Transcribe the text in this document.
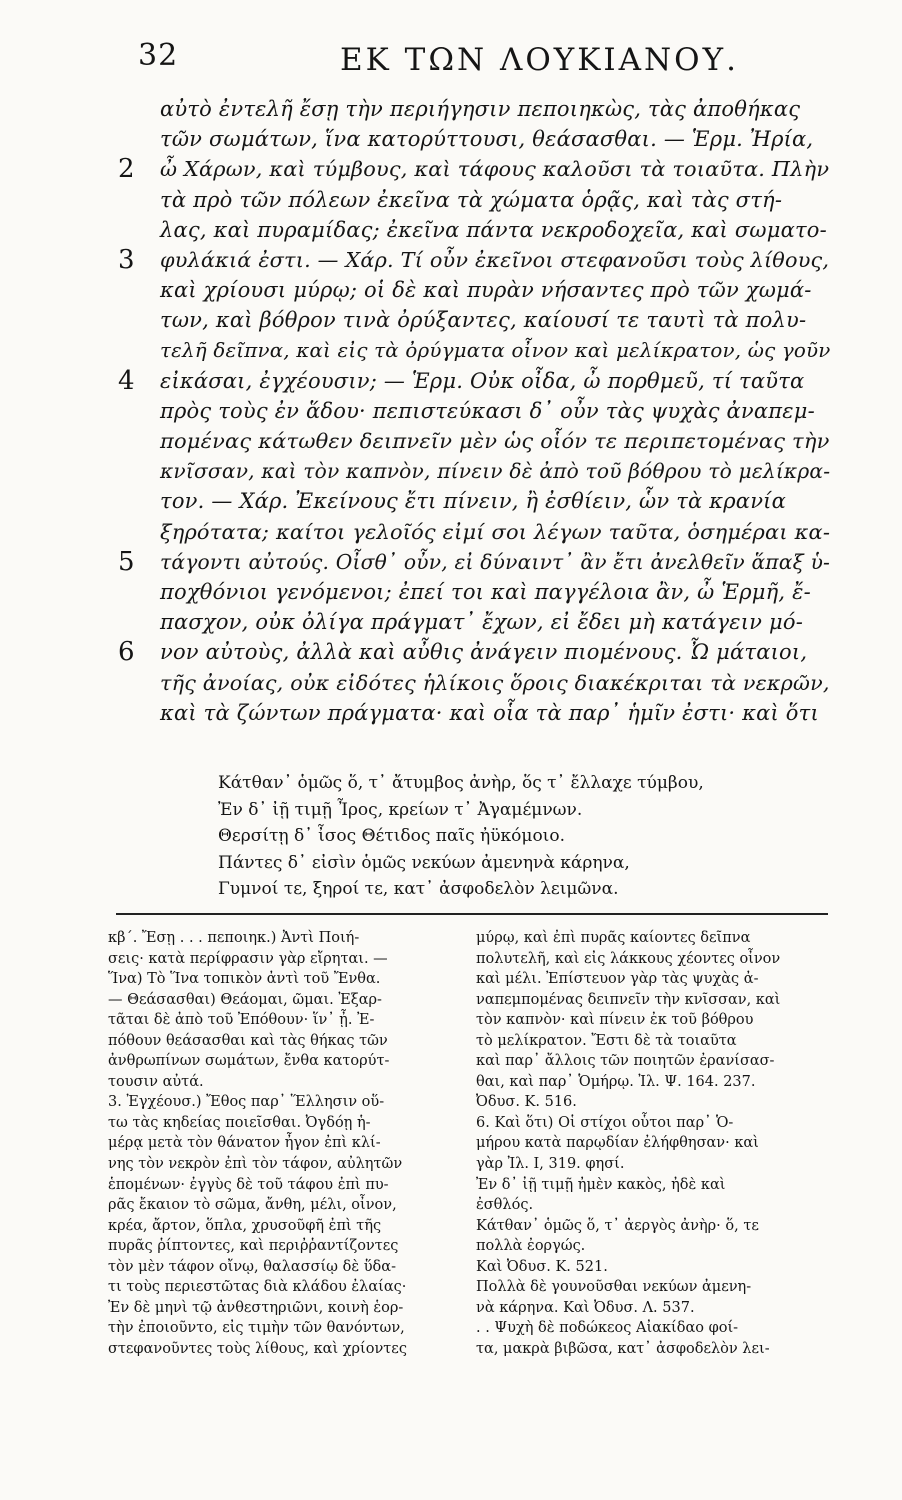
32	ΕΚ ΤΩΝ ΛΟΥΚΙΑΝΟΥ.
αὐτὸ ἐντελῆ ἔσῃ τὴν περιήγησιν πεποιηκὼς, τὰς ἀποθήκας
τῶν σωμάτων, ἵνα κατορύττουσι, θεάσασθαι. — Ἑρμ. Ἠρία,
2 ὦ Χάρων, καὶ τύμβους, καὶ τάφους καλοῦσι τὰ τοιαῦτα. Πλὴν
τὰ πρὸ τῶν πόλεων ἐκεῖνα τὰ χώματα ὁρᾷς, καὶ τὰς στή-
λας, καὶ πυραμίδας; ἐκεῖνα πάντα νεκροδοχεῖα, καὶ σωματο-
3 φυλάκιά ἐστι. — Χάρ. Τί οὖν ἐκεῖνοι στεφανοῦσι τοὺς λίθους,
καὶ χρίουσι μύρῳ; οἱ δὲ καὶ πυρὰν νήσαντες πρὸ τῶν χωμά-
των, καὶ βόθρον τινὰ ὀρύξαντες, καίουσί τε ταυτὶ τὰ πολυ-
τελῆ δεῖπνα, καὶ εἰς τὰ ὀρύγματα οἶνον καὶ μελίκρατον, ὡς γοῦν
4 εἰκάσαι, ἐγχέουσιν; — Ἑρμ. Οὐκ οἶδα, ὦ πορθμεῦ, τί ταῦτα
πρὸς τοὺς ἐν ἅδου· πεπιστεύκασι δ᾽ οὖν τὰς ψυχὰς ἀναπεμ-
πομένας κάτωθεν δειπνεῖν μὲν ὡς οἷόν τε περιπετομένας τὴν
κνῖσσαν, καὶ τὸν καπνὸν, πίνειν δὲ ἀπὸ τοῦ βόθρου τὸ μελίκρα-
τον. — Χάρ. Ἐκείνους ἔτι πίνειν, ἢ ἐσθίειν, ὧν τὰ κρανία
ξηρότατα; καίτοι γελοῖός εἰμί σοι λέγων ταῦτα, ὁσημέραι κα-
5 τάγοντι αὐτούς. Οἶσθ᾽ οὖν, εἰ δύναιντ᾽ ἂν ἔτι ἀνελθεῖν ἅπαξ ὑ-
ποχθόνιοι γενόμενοι; ἐπεί τοι καὶ παγγέλοια ἂν, ὦ Ἑρμῆ, ἔ-
πασχον, οὐκ ὀλίγα πράγματ᾽ ἔχων, εἰ ἔδει μὴ κατάγειν μό-
6 νον αὐτοὺς, ἀλλὰ καὶ αὖθις ἀνάγειν πιομένους. Ὦ μάταιοι,
τῆς ἀνοίας, οὐκ εἰδότες ἡλίκοις ὅροις διακέκριται τὰ νεκρῶν,
καὶ τὰ ζώντων πράγματα· καὶ οἷα τὰ παρ᾽ ἡμῖν ἐστι· καὶ ὅτι
Κάτθαν᾽ ὁμῶς ὅ, τ᾽ ἄτυμβος ἀνὴρ, ὅς τ᾽ ἔλλαχε τύμβου,
Ἐν δ᾽ ἰῇ τιμῇ Ἶρος, κρείων τ᾽ Ἀγαμέμνων.
Θερσίτῃ δ᾽ ἶσος Θέτιδος παῖς ἠϋκόμοιο.
Πάντες δ᾽ εἰσὶν ὁμῶς νεκύων ἀμενηνὰ κάρηνα,
Γυμνοί τε, ξηροί τε, κατ᾽ ἀσφοδελὸν λειμῶνα.
κβ΄. Ἔσῃ . . . πεποιηκ.) Ἀντὶ Ποιή-
σεις· κατὰ περίφρασιν γὰρ εἴρηται. —
Ἵνα) Τὸ Ἵνα τοπικὸν ἀντὶ τοῦ Ἔνθα.
— Θεάσασθαι) Θεάομαι, ῶμαι. Ἐξαρ-
τᾶται δὲ ἀπὸ τοῦ Ἐπόθουν· ἵν᾽ ᾖ. Ἐ-
πόθουν θεάσασθαι καὶ τὰς θήκας τῶν
ἀνθρωπίνων σωμάτων, ἔνθα κατορύτ-
τουσιν αὐτά.
3. Ἐγχέουσ.) Ἔθος παρ᾽ Ἕλλησιν οὕ-
τω τὰς κηδείας ποιεῖσθαι. Ὀγδόῃ ἡ-
μέρᾳ μετὰ τὸν θάνατον ἦγον ἐπὶ κλί-
νης τὸν νεκρὸν ἐπὶ τὸν τάφον, αὐλητῶν
ἑπομένων· ἐγγὺς δὲ τοῦ τάφου ἐπὶ πυ-
ρᾶς ἔκαιον τὸ σῶμα, ἄνθη, μέλι, οἶνον,
κρέα, ἄρτον, ὅπλα, χρυσοῦφῆ ἐπὶ τῆς
πυρᾶς ῥίπτοντες, καὶ περιῤῥαντίζοντες
τὸν μὲν τάφον οἴνῳ, θαλασσίῳ δὲ ὕδα-
τι τοὺς περιεστῶτας διὰ κλάδου ἐλαίας·
Ἐν δὲ μηνὶ τῷ ἀνθεστηριῶνι, κοινὴ ἑορ-
τὴν ἐποιοῦντο, εἰς τιμὴν τῶν θανόντων,
στεφανοῦντες τοὺς λίθους, καὶ χρίοντες
μύρῳ, καὶ ἐπὶ πυρᾶς καίοντες δεῖπνα
πολυτελῆ, καὶ εἰς λάκκους χέοντες οἶνον
καὶ μέλι. Ἐπίστευον γὰρ τὰς ψυχὰς ἀ-
ναπεμπομένας δειπνεῖν τὴν κνῖσσαν, καὶ
τὸν καπνὸν· καὶ πίνειν ἐκ τοῦ βόθρου
τὸ μελίκρατον. Ἔστι δὲ τὰ τοιαῦτα
καὶ παρ᾽ ἄλλοις τῶν ποιητῶν ἐρανίσασ-
θαι, καὶ παρ᾽ Ὁμήρῳ. Ἰλ. Ψ. 164. 237.
Ὀδυσ. Κ. 516.
6. Καὶ ὅτι) Οἱ στίχοι οὗτοι παρ᾽ Ὁ-
μήρου κατὰ παρῳδίαν ἐλήφθησαν· καὶ
γὰρ Ἰλ. Ι, 319. φησί.
Ἐν δ᾽ ἰῇ τιμῇ ἠμὲν κακὸς, ἠδὲ καὶ
ἐσθλός.
Κάτθαν᾽ ὁμῶς ὅ, τ᾽ ἀεργὸς ἀνὴρ· ὅ, τε
πολλὰ ἐοργώς.
Καὶ Ὀδυσ. Κ. 521.
Πολλὰ δὲ γουνοῦσθαι νεκύων ἀμενη-
νὰ κάρηνα. Καὶ Ὀδυσ. Λ. 537.
. . Ψυχὴ δὲ ποδώκεος Αἰακίδαο φοί-
τα, μακρὰ βιβῶσα, κατ᾽ ἀσφοδελὸν λει-
